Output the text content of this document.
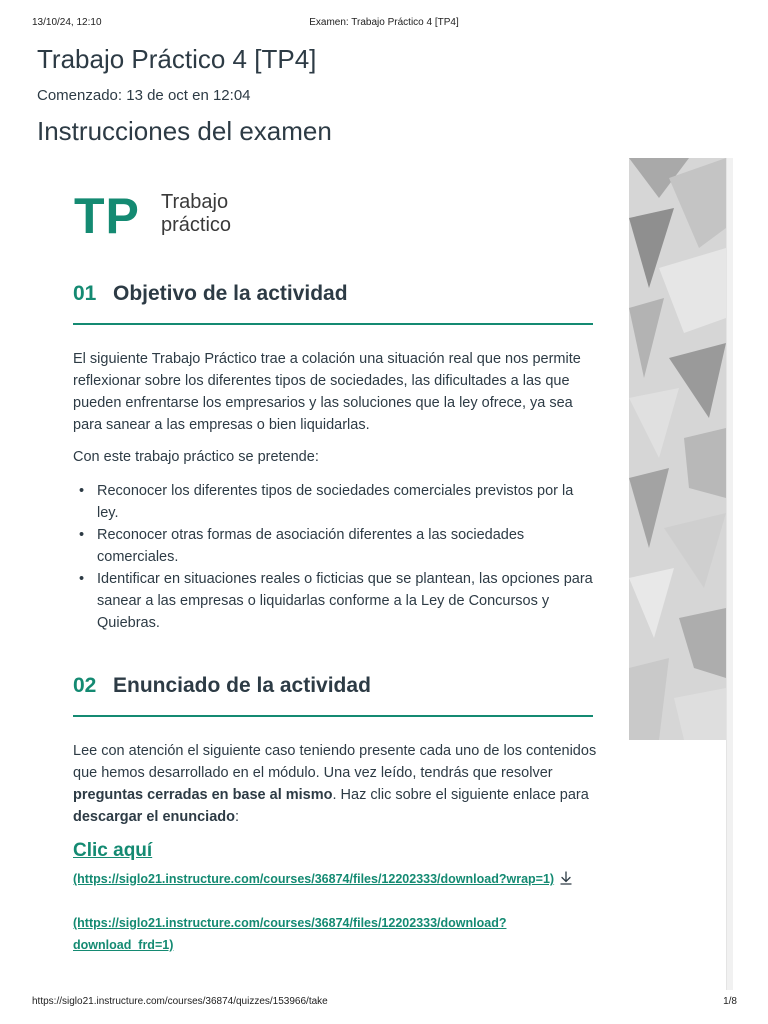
13/10/24, 12:10	Examen: Trabajo Práctico 4 [TP4]
Trabajo Práctico 4 [TP4]
Comenzado: 13 de oct en 12:04
Instrucciones del examen
TP Trabajo
práctico
01 Objetivo de la actividad

El siguiente Trabajo Práctico trae a colación una situación real que nos permite reflexionar sobre los diferentes tipos de sociedades, las dificultades a las que pueden enfrentarse los empresarios y las soluciones que la ley ofrece, ya sea para sanear a las empresas o bien liquidarlas.

Con este trabajo práctico se pretende:

• Reconocer los diferentes tipos de sociedades comerciales previstos por la ley.
• Reconocer otras formas de asociación diferentes a las sociedades comerciales.
• Identificar en situaciones reales o ficticias que se plantean, las opciones para sanear a las empresas o liquidarlas conforme a la Ley de Concursos y Quiebras.
02 Enunciado de la actividad

Lee con atención el siguiente caso teniendo presente cada uno de los contenidos que hemos desarrollado en el módulo. Una vez leído, tendrás que resolver preguntas cerradas en base al mismo. Haz clic sobre el siguiente enlace para descargar el enunciado:

Clic aquí
(https://siglo21.instructure.com/courses/36874/files/12202333/download?wrap=1)
(https://siglo21.instructure.com/courses/36874/files/12202333/download?download_frd=1)
https://siglo21.instructure.com/courses/36874/quizzes/153966/take	1/8
